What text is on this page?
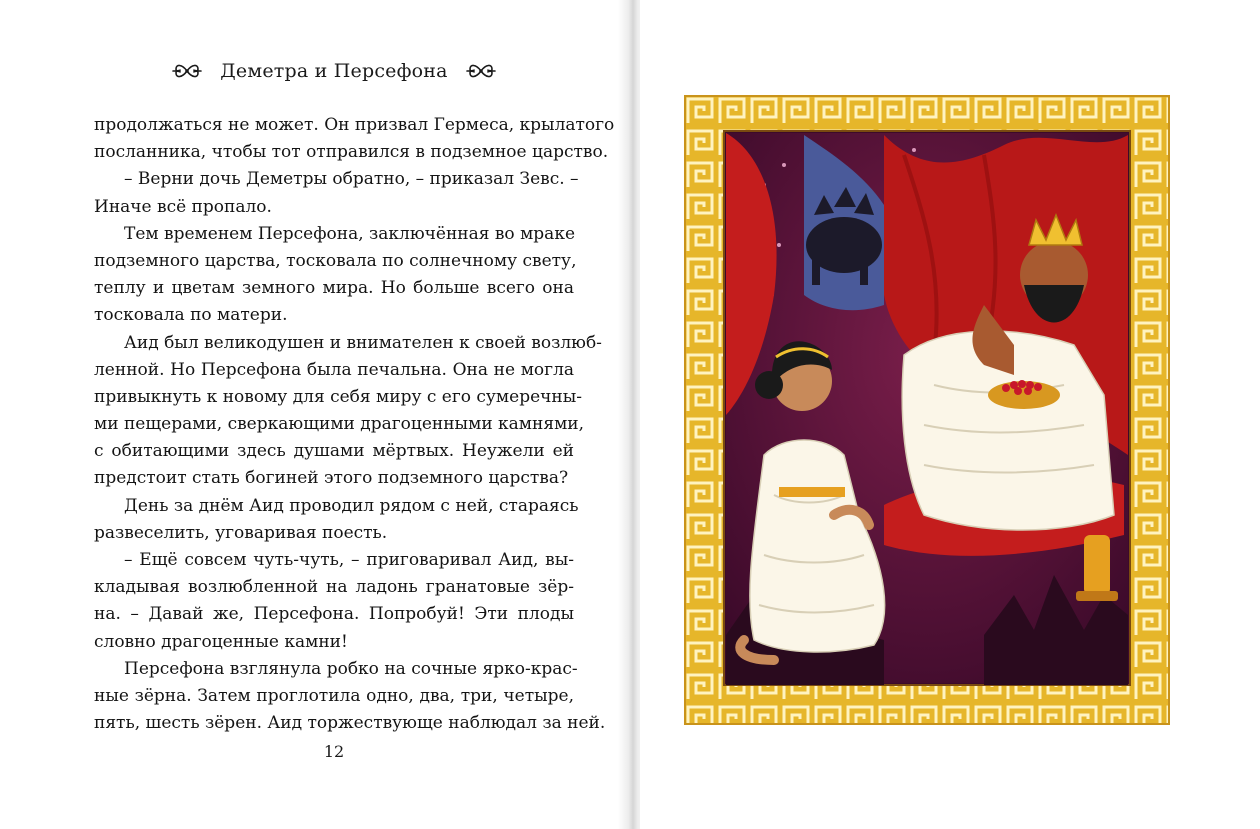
Деметра и Персефона
продолжаться не может. Он призвал Гермеса, крылатого
посланника, чтобы тот отправился в подземное царство.
– Верни дочь Деметры обратно, – приказал Зевс. –
Иначе всё пропало.
Тем временем Персефона, заключённая во мраке
подземного царства, тосковала по солнечному свету,
теплу и цветам земного мира. Но больше всего она
тосковала по матери.
Аид был великодушен и внимателен к своей возлюб-
ленной. Но Персефона была печальна. Она не могла
привыкнуть к новому для себя миру с его сумеречны-
ми пещерами, сверкающими драгоценными камнями,
с обитающими здесь душами мёртвых. Неужели ей
предстоит стать богиней этого подземного царства?
День за днём Аид проводил рядом с ней, стараясь
развеселить, уговаривая поесть.
– Ещё совсем чуть-чуть, – приговаривал Аид, вы-
кладывая возлюбленной на ладонь гранатовые зёр-
на. – Давай же, Персефона. Попробуй! Эти плоды
словно драгоценные камни!
Персефона взглянула робко на сочные ярко-крас-
ные зёрна. Затем проглотила одно, два, три, четыре,
пять, шесть зёрен. Аид торжествующе наблюдал за ней.
12
